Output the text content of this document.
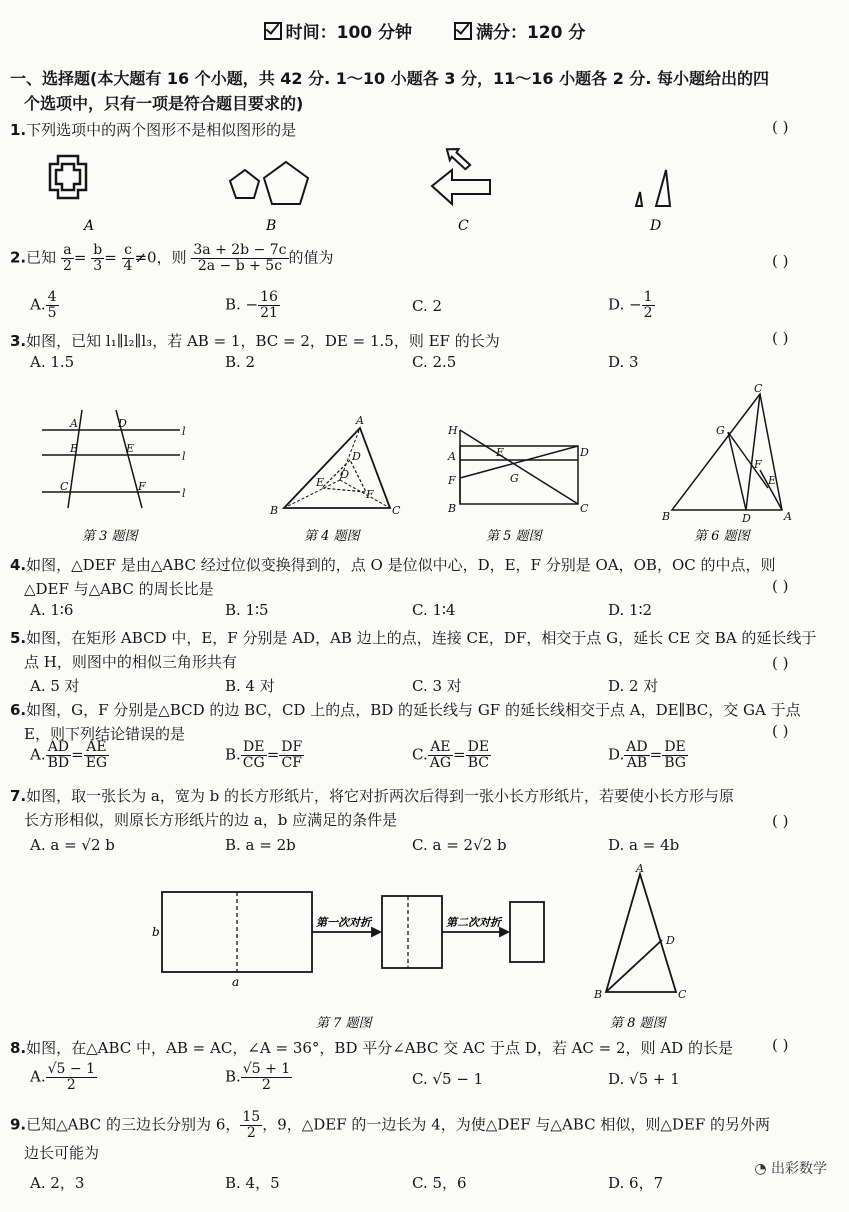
时间：100 分钟	满分：120 分
一、选择题(本大题有 16 个小题，共 42 分. 1～10 小题各 3 分，11～16 小题各 2 分. 每小题给出的四
个选项中，只有一项是符合题目要求的)
1.下列选项中的两个图形不是相似图形的是	( )
A	B	C	D
2.已知 $\frac{a}{2} = \frac{b}{3} = \frac{c}{4} \ne 0$，则 $\frac{3a + 2b - 7c}{2a - b + 5c}$ 的值为	( )
A. $\frac{4}{5}$	B. − $\frac{16}{21}$	C. 2	D. − $\frac{1}{2}$
3.如图，已知 l₁∥l₂∥l₃，若 AB = 1，BC = 2，DE = 1.5，则 EF 的长为	( )
A. 1.5	B. 2	C. 2.5	D. 3
A
B
C
D
E
F
l
l
l
第 3 题图
A
B	C
D
E
F
O
第 4 题图
H
A
F
B
D
C
E
G
第 5 题图
C
G
F
E
B	D	A
第 6 题图
4.如图，△DEF 是由△ABC 经过位似变换得到的，点 O 是位似中心，D，E，F 分别是 OA，OB，OC 的中点，则
△DEF 与△ABC 的周长比是	( )
A. 1∶6	B. 1∶5	C. 1∶4	D. 1∶2
5.如图，在矩形 ABCD 中，E，F 分别是 AD，AB 边上的点，连接 CE，DF，相交于点 G，延长 CE 交 BA 的延长线于
点 H，则图中的相似三角形共有	( )
A. 5 对	B. 4 对	C. 3 对	D. 2 对
6.如图，G，F 分别是△BCD 的边 BC，CD 上的点，BD 的延长线与 GF 的延长线相交于点 A，DE∥BC，交 GA 于点
E，则下列结论错误的是	( )
A. $\frac{AD}{BD} = \frac{AE}{EG}$	B. $\frac{DE}{CG} = \frac{DF}{CF}$	C. $\frac{AE}{AG} = \frac{DE}{BC}$	D. $\frac{AD}{AB} = \frac{DE}{BG}$
7.如图，取一张长为 a，宽为 b 的长方形纸片，将它对折两次后得到一张小长方形纸片，若要使小长方形与原
长方形相似，则原长方形纸片的边 a，b 应满足的条件是	( )
A. a = √2 b	B. a = 2b	C. a = 2√2 b	D. a = 4b
第一次对折	第二次对折
b
a
第 7 题图
A
B	C
D
第 8 题图
8.如图，在△ABC 中，AB = AC，∠A = 36°，BD 平分∠ABC 交 AC 于点 D，若 AC = 2，则 AD 的长是	( )
A. $\frac{√5 - 1}{2}$	B. $\frac{√5 + 1}{2}$	C. √5 − 1	D. √5 + 1
9.已知△ABC 的三边长分别为 6， $\frac{15}{2}$ ，9，△DEF 的一边长为 4，为使△DEF 与△ABC 相似，则△DEF 的另外两
边长可能为
A. 2，3	B. 4，5	C. 5，6	D. 6，7
◔ 出彩数学
